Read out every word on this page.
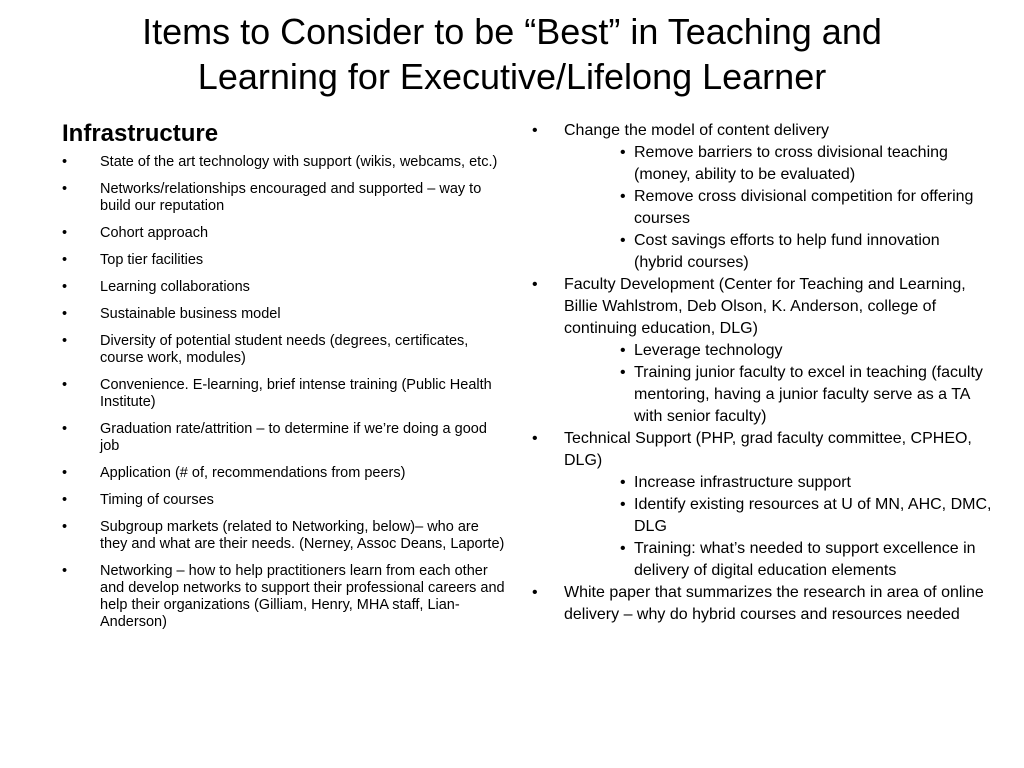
Items to Consider to be “Best” in Teaching and
Learning for Executive/Lifelong Learner
Infrastructure
• State of the art technology with support (wikis, webcams, etc.)
• Networks/relationships encouraged and supported – way to build our reputation
• Cohort approach
• Top tier facilities
• Learning collaborations
• Sustainable business model
• Diversity of potential student needs (degrees, certificates, course work, modules)
• Convenience. E-learning, brief intense training (Public Health Institute)
• Graduation rate/attrition – to determine if we’re doing a good job
• Application (# of, recommendations from peers)
• Timing of courses
• Subgroup markets (related to Networking, below)– who are they and what are their needs. (Nerney, Assoc Deans, Laporte)
• Networking – how to help practitioners learn from each other and develop networks to support their professional careers and help their organizations (Gilliam, Henry, MHA staff, Lian-Anderson)
• Change the model of content delivery
• Remove barriers to cross divisional teaching (money, ability to be evaluated)
• Remove cross divisional competition for offering courses
• Cost savings efforts to help fund innovation (hybrid courses)
• Faculty Development (Center for Teaching and Learning, Billie Wahlstrom, Deb Olson, K. Anderson, college of continuing education, DLG)
• Leverage technology
• Training junior faculty to excel in teaching (faculty mentoring, having a junior faculty serve as a TA with senior faculty)
• Technical Support (PHP, grad faculty committee, CPHEO, DLG)
• Increase infrastructure support
• Identify existing resources at U of MN, AHC, DMC, DLG
• Training: what’s needed to support excellence in delivery of digital education elements
• White paper that summarizes the research in area of online delivery – why do hybrid courses and resources needed
